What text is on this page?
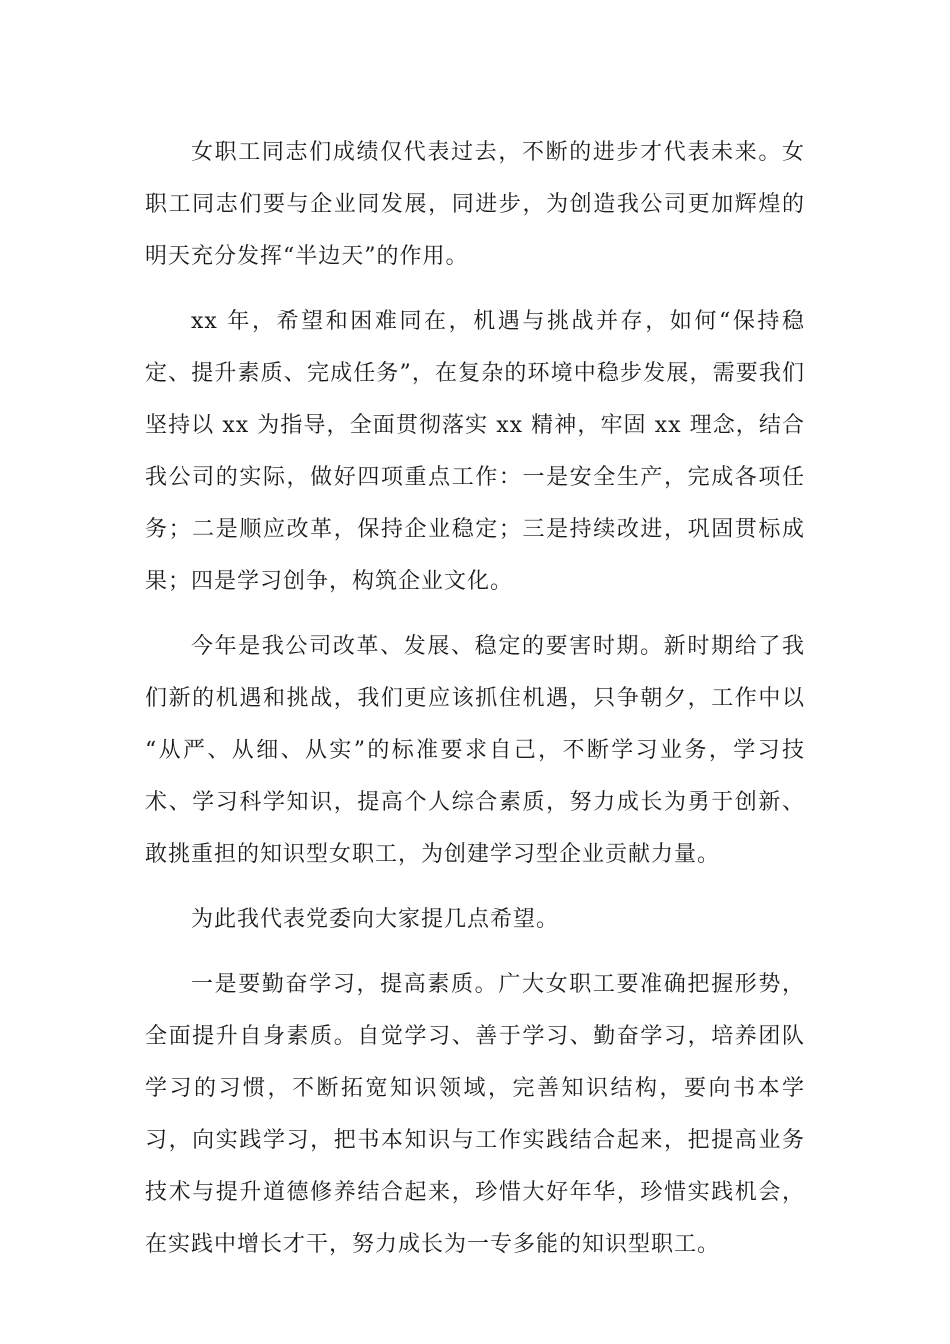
女职工同志们成绩仅代表过去，不断的进步才代表未来。女职工同志们要与企业同发展，同进步，为创造我公司更加辉煌的明天充分发挥“半边天”的作用。

xx 年，希望和困难同在，机遇与挑战并存，如何“保持稳定、提升素质、完成任务”，在复杂的环境中稳步发展，需要我们坚持以 xx 为指导，全面贯彻落实 xx 精神，牢固 xx 理念，结合我公司的实际，做好四项重点工作：一是安全生产，完成各项任务；二是顺应改革，保持企业稳定；三是持续改进，巩固贯标成果；四是学习创争，构筑企业文化。

今年是我公司改革、发展、稳定的要害时期。新时期给了我们新的机遇和挑战，我们更应该抓住机遇，只争朝夕，工作中以 “从严、从细、从实”的标准要求自己，不断学习业务，学习技术、学习科学知识，提高个人综合素质，努力成长为勇于创新、敢挑重担的知识型女职工，为创建学习型企业贡献力量。

为此我代表党委向大家提几点希望。

一是要勤奋学习，提高素质。广大女职工要准确把握形势，全面提升自身素质。自觉学习、善于学习、勤奋学习，培养团队学习的习惯，不断拓宽知识领域，完善知识结构，要向书本学习，向实践学习，把书本知识与工作实践结合起来，把提高业务技术与提升道德修养结合起来，珍惜大好年华，珍惜实践机会，在实践中增长才干，努力成长为一专多能的知识型职工。
